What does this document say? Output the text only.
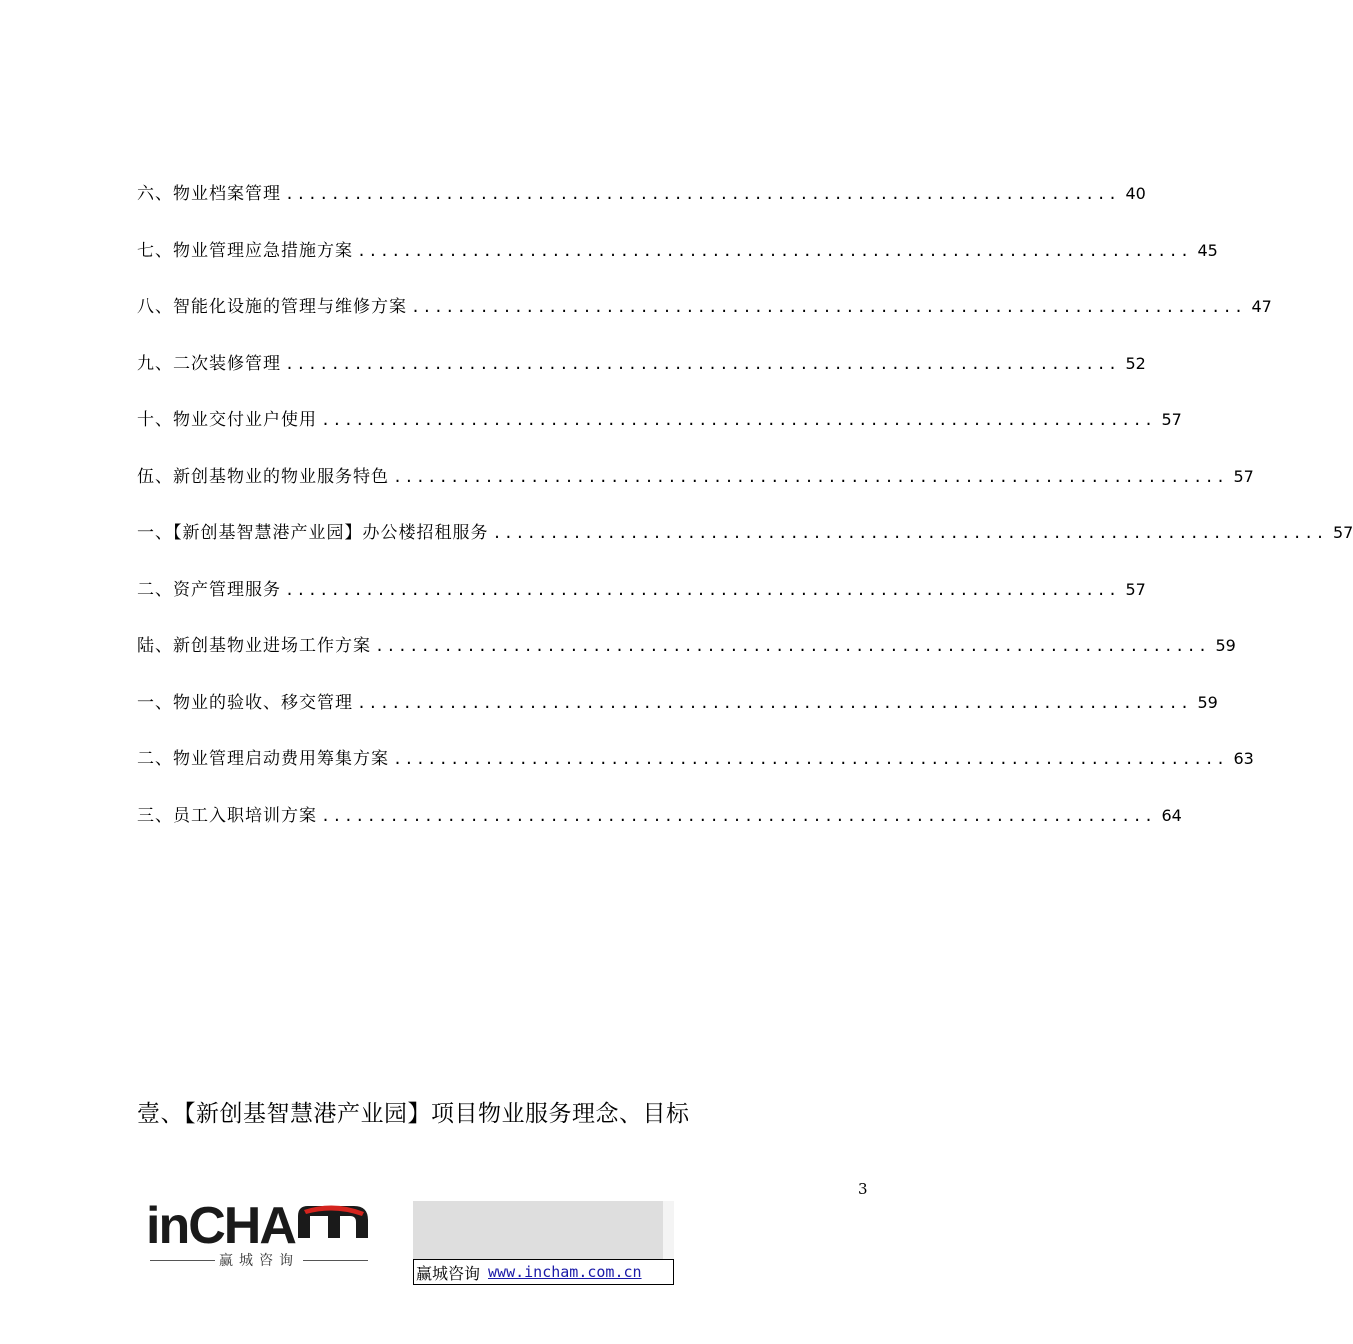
六、物业档案管理 ......................................................................... 40
七、物业管理应急措施方案 ......................................................................... 45
八、智能化设施的管理与维修方案 ......................................................................... 47
九、二次装修管理 ......................................................................... 52
十、物业交付业户使用 ......................................................................... 57
伍、新创基物业的物业服务特色 ......................................................................... 57
一、【新创基智慧港产业园】办公楼招租服务 ......................................................................... 57
二、资产管理服务 ......................................................................... 57
陆、新创基物业进场工作方案 ......................................................................... 59
一、物业的验收、移交管理 ......................................................................... 59
二、物业管理启动费用筹集方案 ......................................................................... 63
三、员工入职培训方案 ......................................................................... 64
壹、【新创基智慧港产业园】项目物业服务理念、目标
3
inCHA
赢城咨询
赢城咨询 www.incham.com.cn
